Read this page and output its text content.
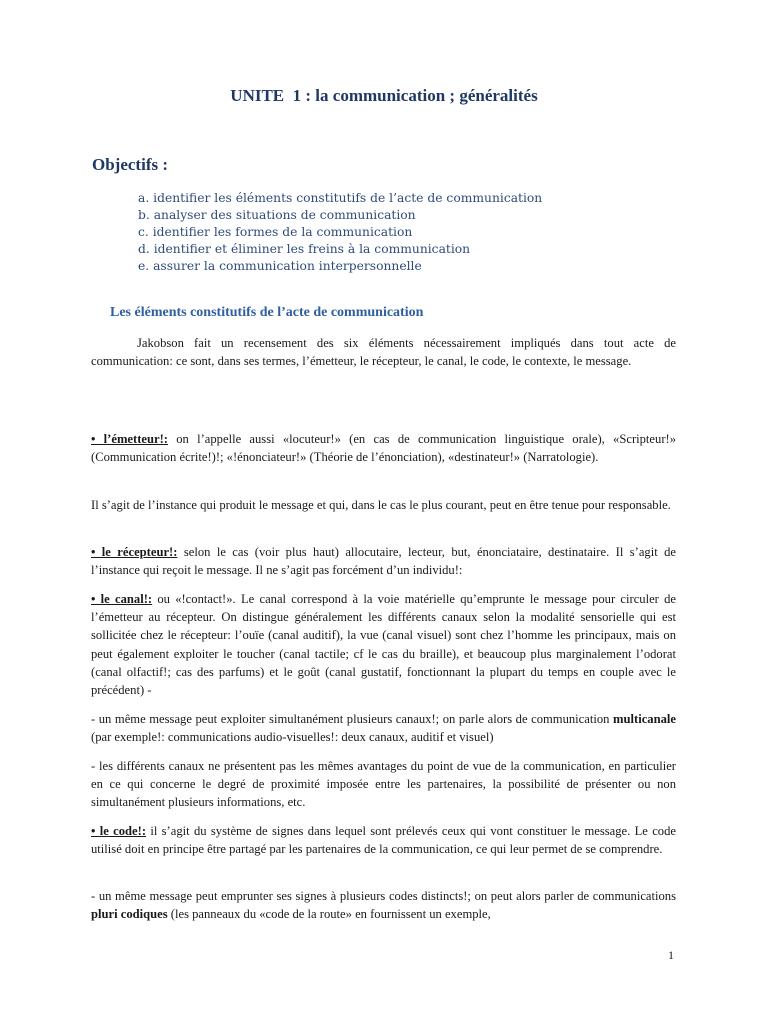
UNITE  1 : la communication ; généralités
Objectifs :
a. identifier les éléments constitutifs de l’acte de communication
b. analyser des situations de communication
c. identifier les formes de la communication
d. identifier et éliminer les freins à la communication
e. assurer la communication interpersonnelle
Les éléments constitutifs de l’acte de communication

Jakobson fait un recensement des six éléments nécessairement impliqués dans tout acte de communication: ce sont, dans ses termes, l’émetteur, le récepteur, le canal, le code, le contexte, le message.

• l’émetteur!: on l’appelle aussi «locuteur!» (en cas de communication linguistique orale), «Scripteur!» (Communication écrite!)!; «!énonciateur!» (Théorie de l’énonciation), «destinateur!» (Narratologie).

Il s’agit de l’instance qui produit le message et qui, dans le cas le plus courant, peut en être tenue pour responsable.

• le récepteur!: selon le cas (voir plus haut) allocutaire, lecteur, but, énonciataire, destinataire. Il s’agit de l’instance qui reçoit le message. Il ne s’agit pas forcément d’un individu!:

• le canal!: ou «!contact!». Le canal correspond à la voie matérielle qu’emprunte le message pour circuler de l’émetteur au récepteur. On distingue généralement les différents canaux selon la modalité sensorielle qui est sollicitée chez le récepteur: l’ouïe (canal auditif), la vue (canal visuel) sont chez l’homme les principaux, mais on peut également exploiter le toucher (canal tactile; cf le cas du braille), et beaucoup plus marginalement l’odorat (canal olfactif!; cas des parfums) et le goût (canal gustatif, fonctionnant la plupart du temps en couple avec le précédent) -

- un même message peut exploiter simultanément plusieurs canaux!; on parle alors de communication multicanale (par exemple!: communications audio-visuelles!: deux canaux, auditif et visuel)

- les différents canaux ne présentent pas les mêmes avantages du point de vue de la communication, en particulier en ce qui concerne le degré de proximité imposée entre les partenaires, la possibilité de présenter ou non simultanément plusieurs informations, etc.

• le code!: il s’agit du système de signes dans lequel sont prélevés ceux qui vont constituer le message. Le code utilisé doit en principe être partagé par les partenaires de la communication, ce qui leur permet de se comprendre.

- un même message peut emprunter ses signes à plusieurs codes distincts!; on peut alors parler de communications pluri codiques (les panneaux du «code de la route» en fournissent un exemple,

1
